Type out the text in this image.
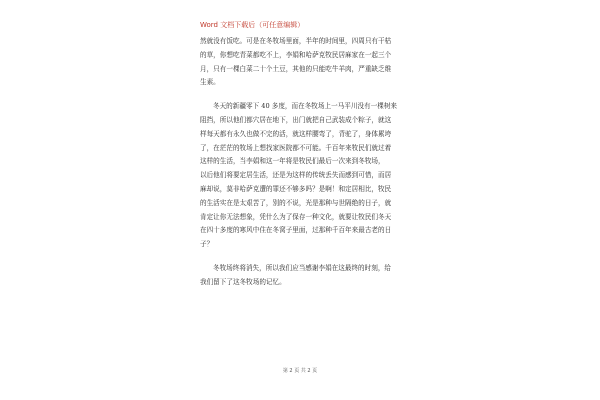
Word 文档下载后（可任意编辑）

然就没有饭吃。可是在冬牧场里面，半年的时间里，四周只有干枯
的草，你想吃青菜都吃不上，李娟和哈萨克牧民居麻家在一起三个
月，只有一棵白菜二十个土豆，其他的只能吃牛羊肉，严重缺乏维
生素。

冬天的新疆零下 40 多度，而在冬牧场上一马平川没有一棵树来
阻挡，所以他们都穴居在地下，出门就把自己武装成个粽子，就这
样每天都有永久也做不完的活，就这样腰弯了，背驼了，身体累垮
了，在茫茫的牧场上想找家医院都不可能。千百年来牧民们就过着
这样的生活，当李娟和这一年将是牧民们最后一次来到冬牧场，
以后他们将要定居生活，还是为这样的传统丢失而感到可惜，而居
麻却说，莫非哈萨克遭的罪还不够多吗？是啊！和定居相比，牧民
的生活实在是太艰苦了，别的不说，光是那种与世隔绝的日子，就
肯定让你无法想象，凭什么为了保存一种文化，就要让牧民们冬天
在四十多度的寒风中住在冬窝子里面，过那种千百年来最古老的日
子？

冬牧场终将消失，所以我们应当感谢李娟在这最终的时刻，给
我们留下了这冬牧场的记忆。

第 2 页 共 2 页
